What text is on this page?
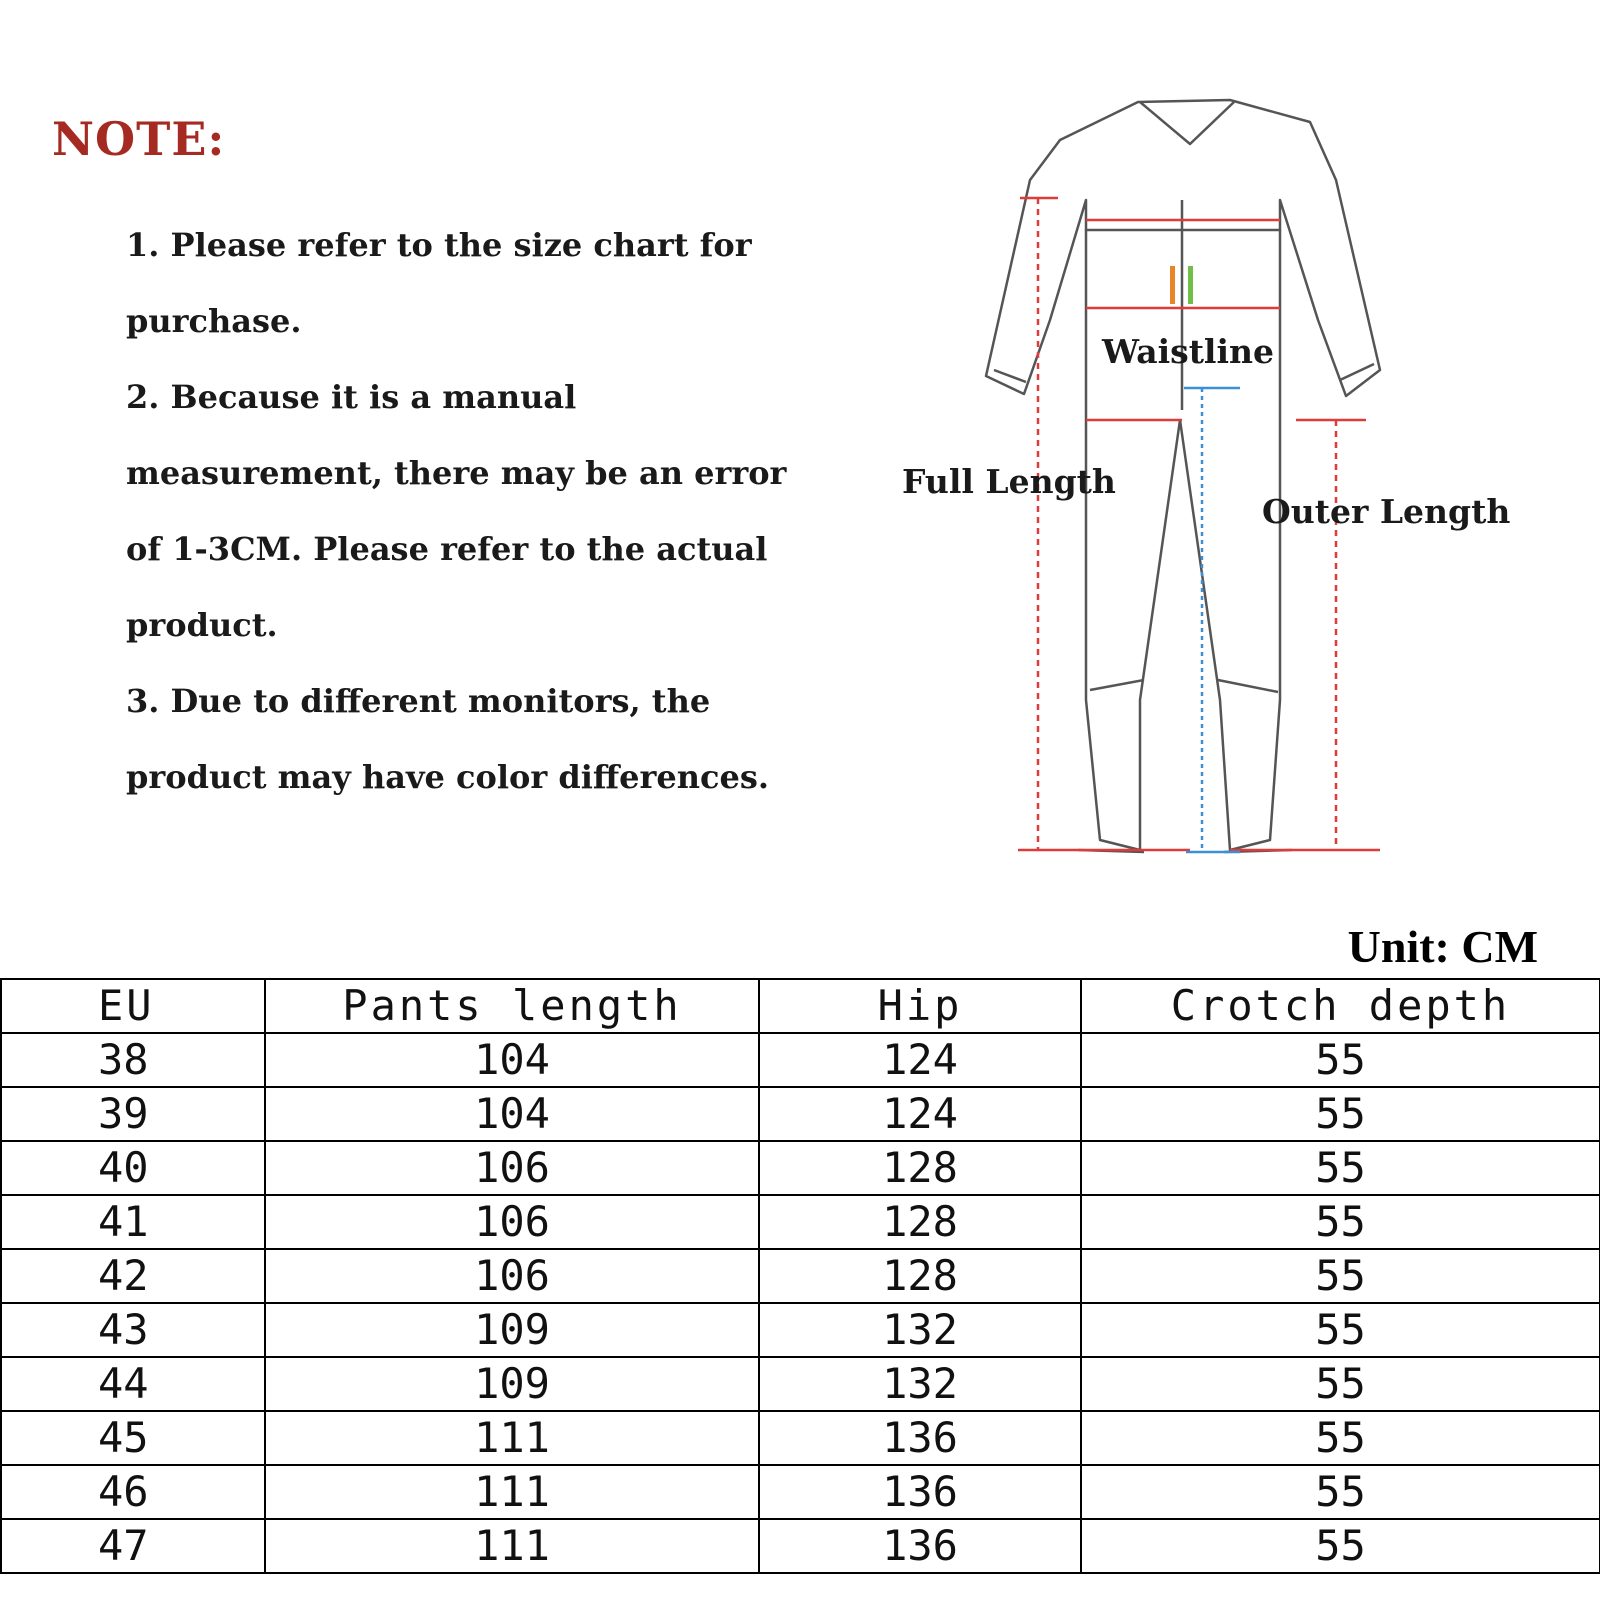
NOTE:
1. Please refer to the size chart for
purchase.
2. Because it is a manual
measurement, there may be an error
of 1-3CM. Please refer to the actual
product.
3. Due to different monitors, the
product may have color differences.
Waistline
Full Length
Outer Length
Unit: CM
EU	Pants length	Hip	Crotch depth
38	104	124	55
39	104	124	55
40	106	128	55
41	106	128	55
42	106	128	55
43	109	132	55
44	109	132	55
45	111	136	55
46	111	136	55
47	111	136	55
